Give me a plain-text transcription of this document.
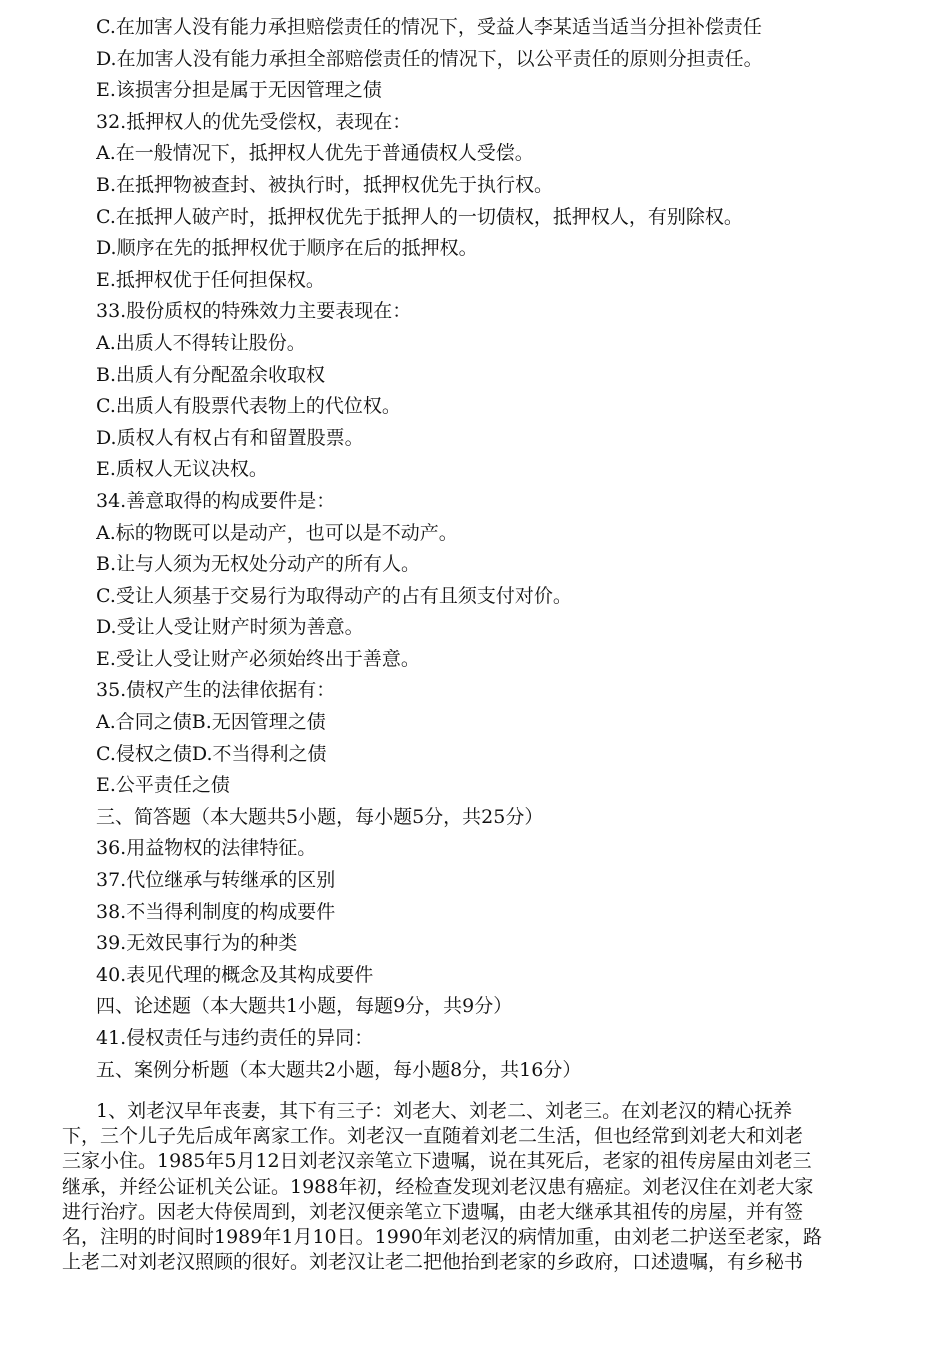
C.在加害人没有能力承担赔偿责任的情况下，受益人李某适当适当分担补偿责任
D.在加害人没有能力承担全部赔偿责任的情况下，以公平责任的原则分担责任。
E.该损害分担是属于无因管理之债
32.抵押权人的优先受偿权，表现在：
A.在一般情况下，抵押权人优先于普通债权人受偿。
B.在抵押物被查封、被执行时，抵押权优先于执行权。
C.在抵押人破产时，抵押权优先于抵押人的一切债权，抵押权人，有别除权。
D.顺序在先的抵押权优于顺序在后的抵押权。
E.抵押权优于任何担保权。
33.股份质权的特殊效力主要表现在：
A.出质人不得转让股份。
B.出质人有分配盈余收取权
C.出质人有股票代表物上的代位权。
D.质权人有权占有和留置股票。
E.质权人无议决权。
34.善意取得的构成要件是：
A.标的物既可以是动产，也可以是不动产。
B.让与人须为无权处分动产的所有人。
C.受让人须基于交易行为取得动产的占有且须支付对价。
D.受让人受让财产时须为善意。
E.受让人受让财产必须始终出于善意。
35.债权产生的法律依据有：
A.合同之债B.无因管理之债
C.侵权之债D.不当得利之债
E.公平责任之债
三、简答题（本大题共5小题，每小题5分，共25分）
36.用益物权的法律特征。
37.代位继承与转继承的区别
38.不当得利制度的构成要件
39.无效民事行为的种类
40.表见代理的概念及其构成要件
四、论述题（本大题共1小题，每题9分，共9分）
41.侵权责任与违约责任的异同：
五、案例分析题（本大题共2小题，每小题8分，共16分）
1、刘老汉早年丧妻，其下有三子：刘老大、刘老二、刘老三。在刘老汉的精心抚养
下，三个儿子先后成年离家工作。刘老汉一直随着刘老二生活，但也经常到刘老大和刘老
三家小住。1985年5月12日刘老汉亲笔立下遗嘱，说在其死后，老家的祖传房屋由刘老三
继承，并经公证机关公证。1988年初，经检查发现刘老汉患有癌症。刘老汉住在刘老大家
进行治疗。因老大侍侯周到，刘老汉便亲笔立下遗嘱，由老大继承其祖传的房屋，并有签
名，注明的时间时1989年1月10日。1990年刘老汉的病情加重，由刘老二护送至老家，路
上老二对刘老汉照顾的很好。刘老汉让老二把他抬到老家的乡政府，口述遗嘱，有乡秘书
